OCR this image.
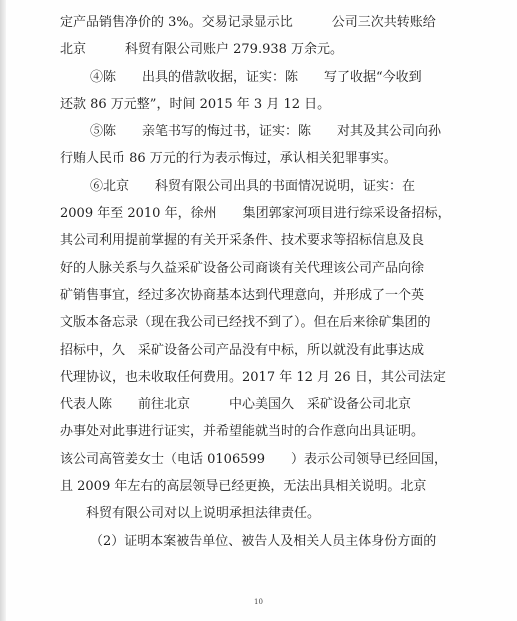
定产品销售净价的 3%。交易记录显示比　　　公司三次共转账给
北京　　　科贸有限公司账户 279.938 万余元。
④陈　　出具的借款收据，证实：陈　　写了收据“今收到
还款 86 万元整”，时间 2015 年 3 月 12 日。
⑤陈　　亲笔书写的悔过书，证实：陈　　对其及其公司向孙
行贿人民币 86 万元的行为表示悔过，承认相关犯罪事实。
⑥北京　　科贸有限公司出具的书面情况说明，证实：在
2009 年至 2010 年，徐州　　集团郭家河项目进行综采设备招标，
其公司利用提前掌握的有关开采条件、技术要求等招标信息及良
好的人脉关系与久益采矿设备公司商谈有关代理该公司产品向徐
矿销售事宜，经过多次协商基本达到代理意向，并形成了一个英
文版本备忘录（现在我公司已经找不到了）。但在后来徐矿集团的
招标中，久　采矿设备公司产品没有中标，所以就没有此事达成
代理协议，也未收取任何费用。2017 年 12 月 26 日，其公司法定
代表人陈　　前往北京　　　中心美国久　采矿设备公司北京
办事处对此事进行证实，并希望能就当时的合作意向出具证明。
该公司高管姜女士（电话 0106599　　）表示公司领导已经回国，
且 2009 年左右的高层领导已经更换，无法出具相关说明。北京
　　科贸有限公司对以上说明承担法律责任。
（2）证明本案被告单位、被告人及相关人员主体身份方面的
10
